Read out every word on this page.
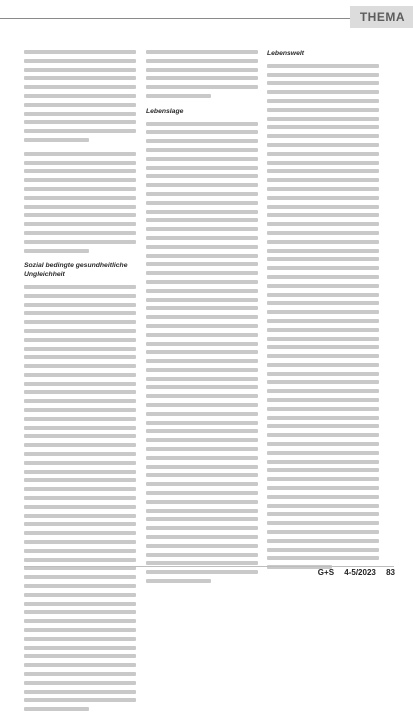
THEMA

Sozial bedingte gesundheitliche Ungleichheit

Lebenslage

Lebenswelt

G+S 4-5/2023 83
